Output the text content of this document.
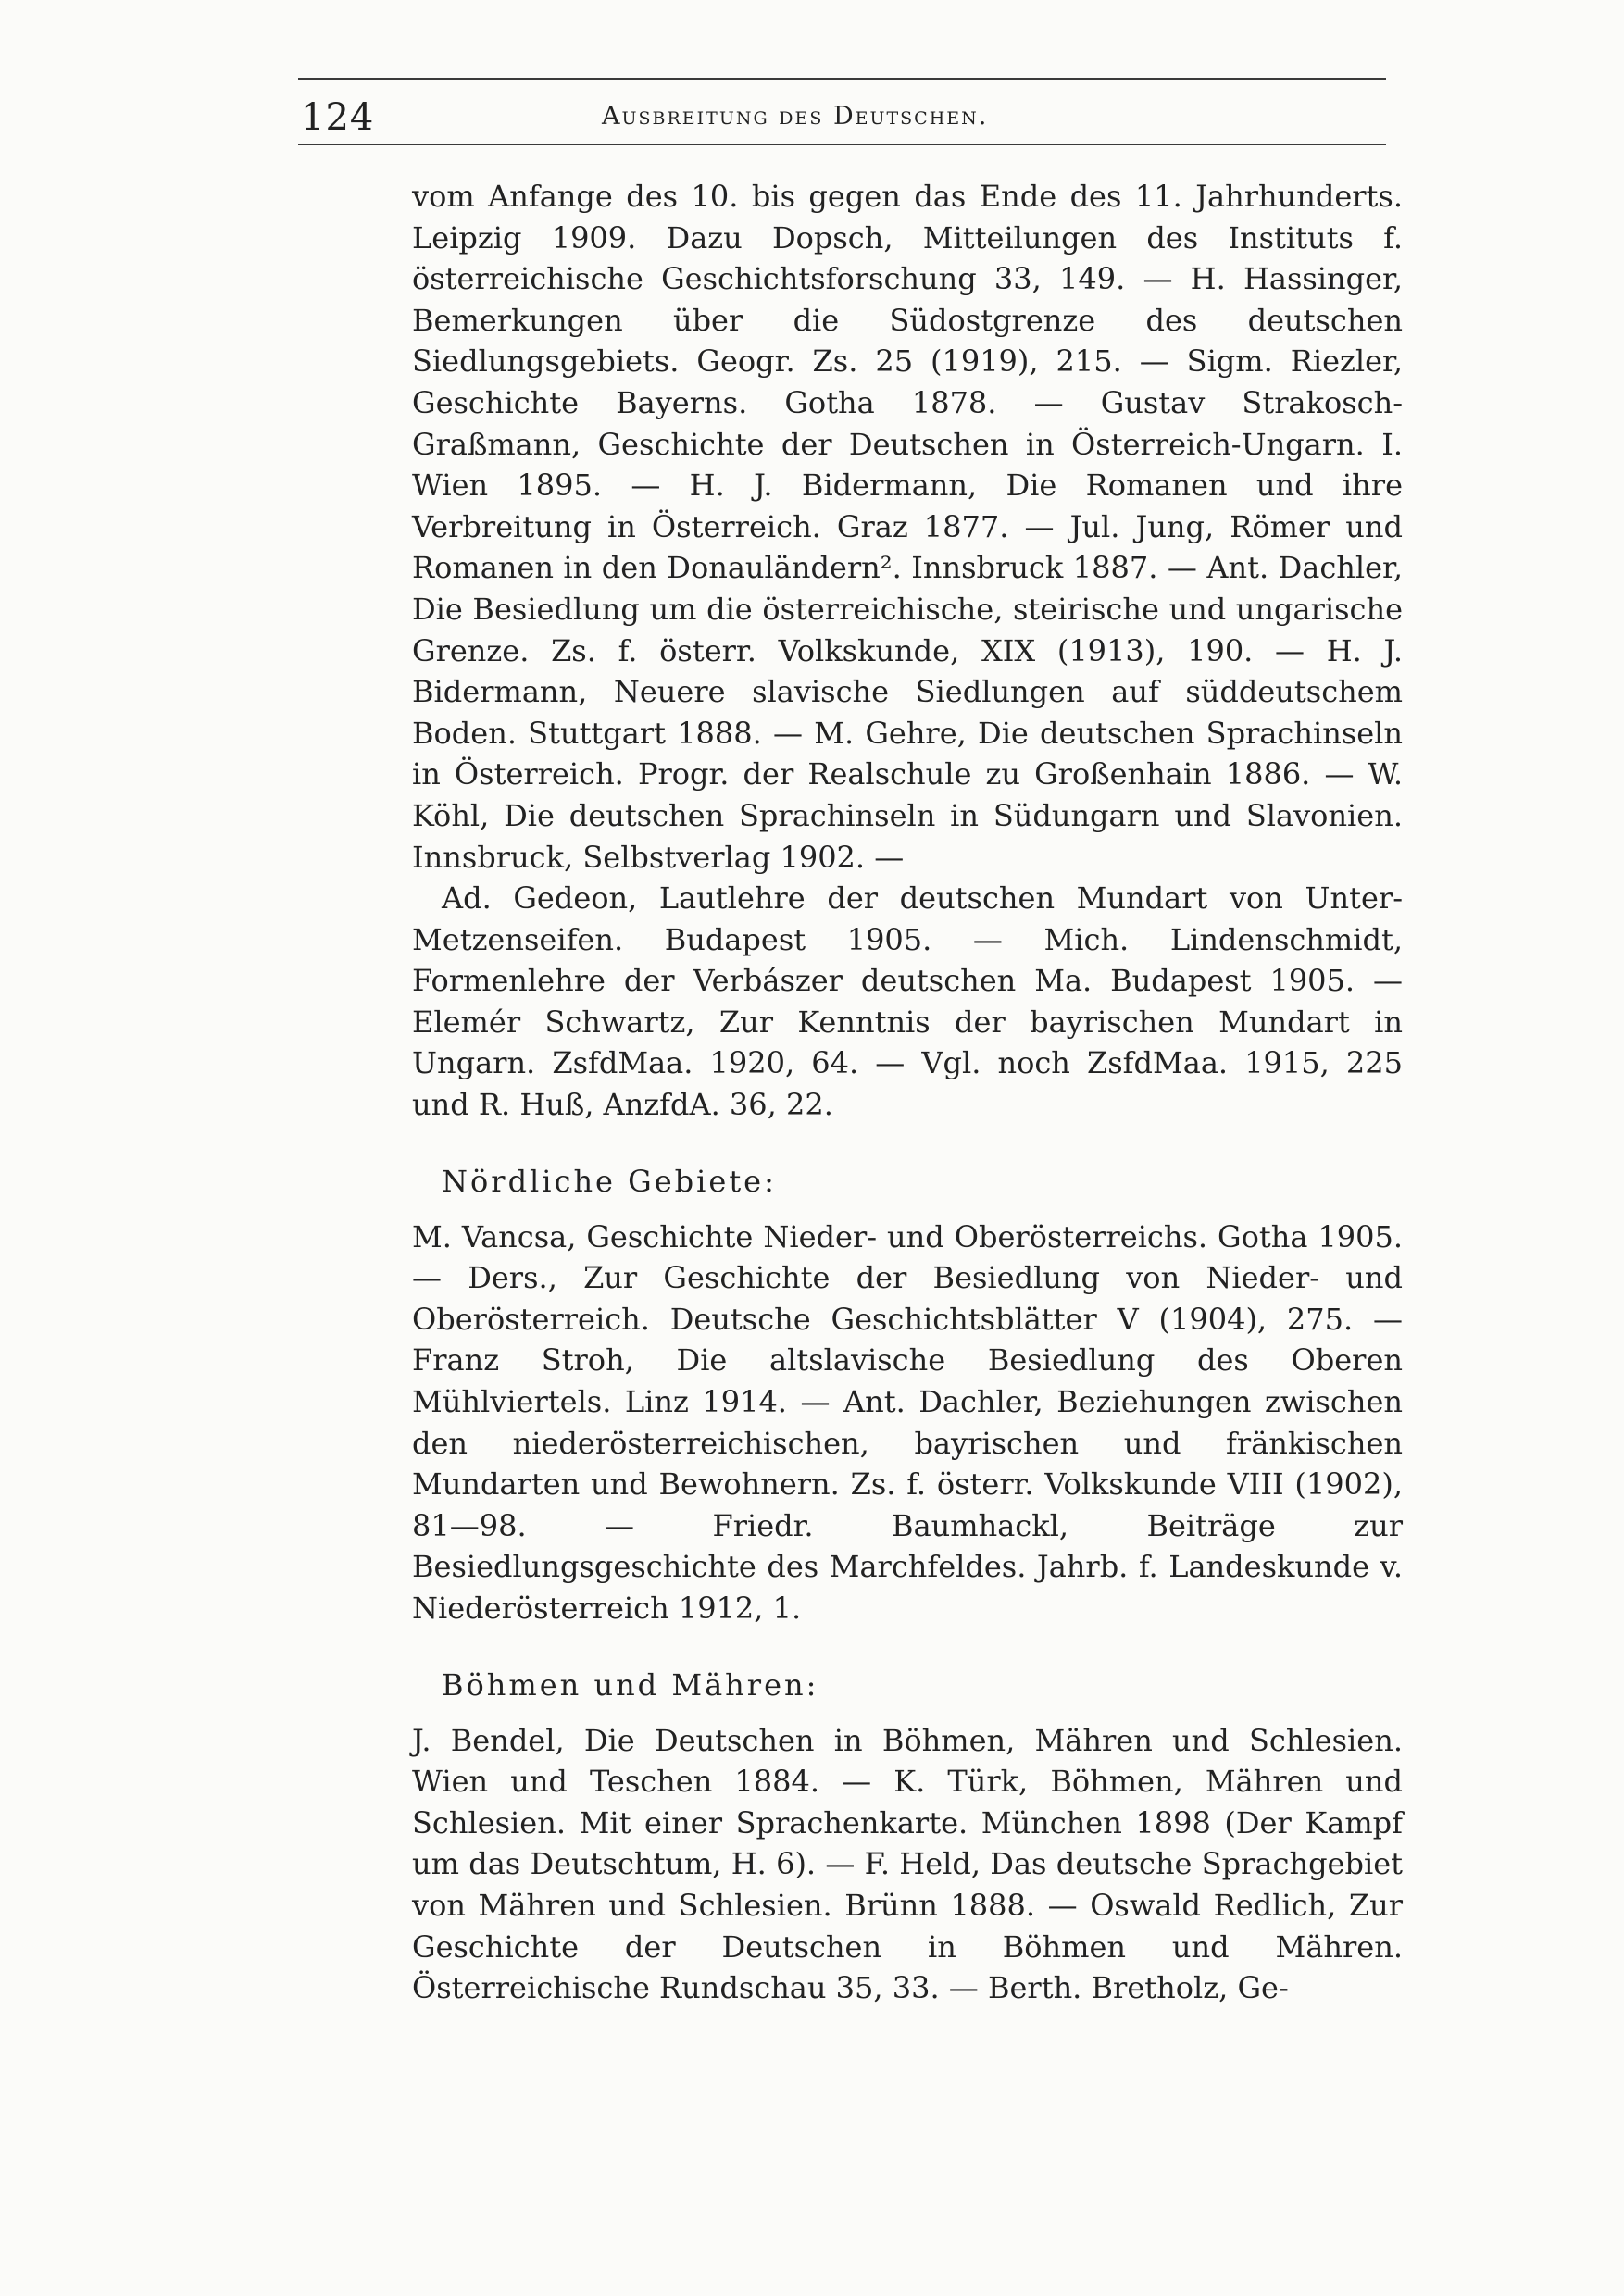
124	Ausbreitung des Deutschen.

vom Anfange des 10. bis gegen das Ende des 11. Jahrhunderts. Leipzig 1909. Dazu Dopsch, Mitteilungen des Instituts f. österreichische Geschichtsforschung 33, 149. — H. Hassinger, Bemerkungen über die Südostgrenze des deutschen Siedlungsgebiets. Geogr. Zs. 25 (1919), 215. — Sigm. Riezler, Geschichte Bayerns. Gotha 1878. — Gustav Strakosch-Graßmann, Geschichte der Deutschen in Österreich-Ungarn. I. Wien 1895. — H. J. Bidermann, Die Romanen und ihre Verbreitung in Österreich. Graz 1877. — Jul. Jung, Römer und Romanen in den Donauländern². Innsbruck 1887. — Ant. Dachler, Die Besiedlung um die österreichische, steirische und ungarische Grenze. Zs. f. österr. Volkskunde, XIX (1913), 190. — H. J. Bidermann, Neuere slavische Siedlungen auf süddeutschem Boden. Stuttgart 1888. — M. Gehre, Die deutschen Sprachinseln in Österreich. Progr. der Realschule zu Großenhain 1886. — W. Köhl, Die deutschen Sprachinseln in Südungarn und Slavonien. Innsbruck, Selbstverlag 1902. —

Ad. Gedeon, Lautlehre der deutschen Mundart von Unter-Metzenseifen. Budapest 1905. — Mich. Lindenschmidt, Formenlehre der Verbászer deutschen Ma. Budapest 1905. — Elemér Schwartz, Zur Kenntnis der bayrischen Mundart in Ungarn. ZsfdMaa. 1920, 64. — Vgl. noch ZsfdMaa. 1915, 225 und R. Huß, AnzfdA. 36, 22.

Nördliche Gebiete:

M. Vancsa, Geschichte Nieder- und Oberösterreichs. Gotha 1905. — Ders., Zur Geschichte der Besiedlung von Nieder- und Oberösterreich. Deutsche Geschichtsblätter V (1904), 275. — Franz Stroh, Die altslavische Besiedlung des Oberen Mühlviertels. Linz 1914. — Ant. Dachler, Beziehungen zwischen den niederösterreichischen, bayrischen und fränkischen Mundarten und Bewohnern. Zs. f. österr. Volkskunde VIII (1902), 81—98. — Friedr. Baumhackl, Beiträge zur Besiedlungsgeschichte des Marchfeldes. Jahrb. f. Landeskunde v. Niederösterreich 1912, 1.

Böhmen und Mähren:

J. Bendel, Die Deutschen in Böhmen, Mähren und Schlesien. Wien und Teschen 1884. — K. Türk, Böhmen, Mähren und Schlesien. Mit einer Sprachenkarte. München 1898 (Der Kampf um das Deutschtum, H. 6). — F. Held, Das deutsche Sprachgebiet von Mähren und Schlesien. Brünn 1888. — Oswald Redlich, Zur Geschichte der Deutschen in Böhmen und Mähren. Österreichische Rundschau 35, 33. — Berth. Bretholz, Ge-
